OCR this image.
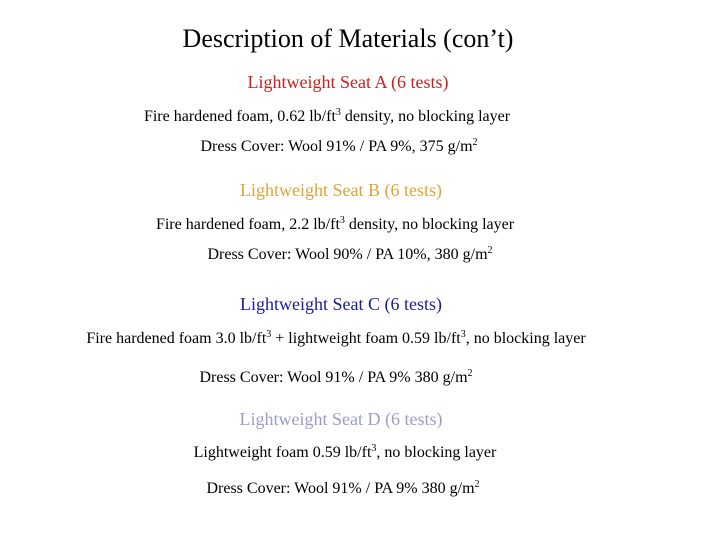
Description of Materials (con’t)
Lightweight Seat A (6 tests)
Fire hardened foam, 0.62 $lb/ft^3$ density, no blocking layer
Dress Cover: Wool 91% / PA 9%, 375 $g/m^2$
Lightweight Seat B (6 tests)
Fire hardened foam, 2.2 $lb/ft^3$ density, no blocking layer
Dress Cover: Wool 90% / PA 10%, 380 $g/m^2$
Lightweight Seat C (6 tests)
Fire hardened foam 3.0 $lb/ft^3$ + lightweight foam 0.59 $lb/ft^3$, no blocking layer
Dress Cover: Wool 91% / PA 9% 380 $g/m^2$
Lightweight Seat D (6 tests)
Lightweight foam 0.59 $lb/ft^3$, no blocking layer
Dress Cover: Wool 91% / PA 9% 380 $g/m^2$
